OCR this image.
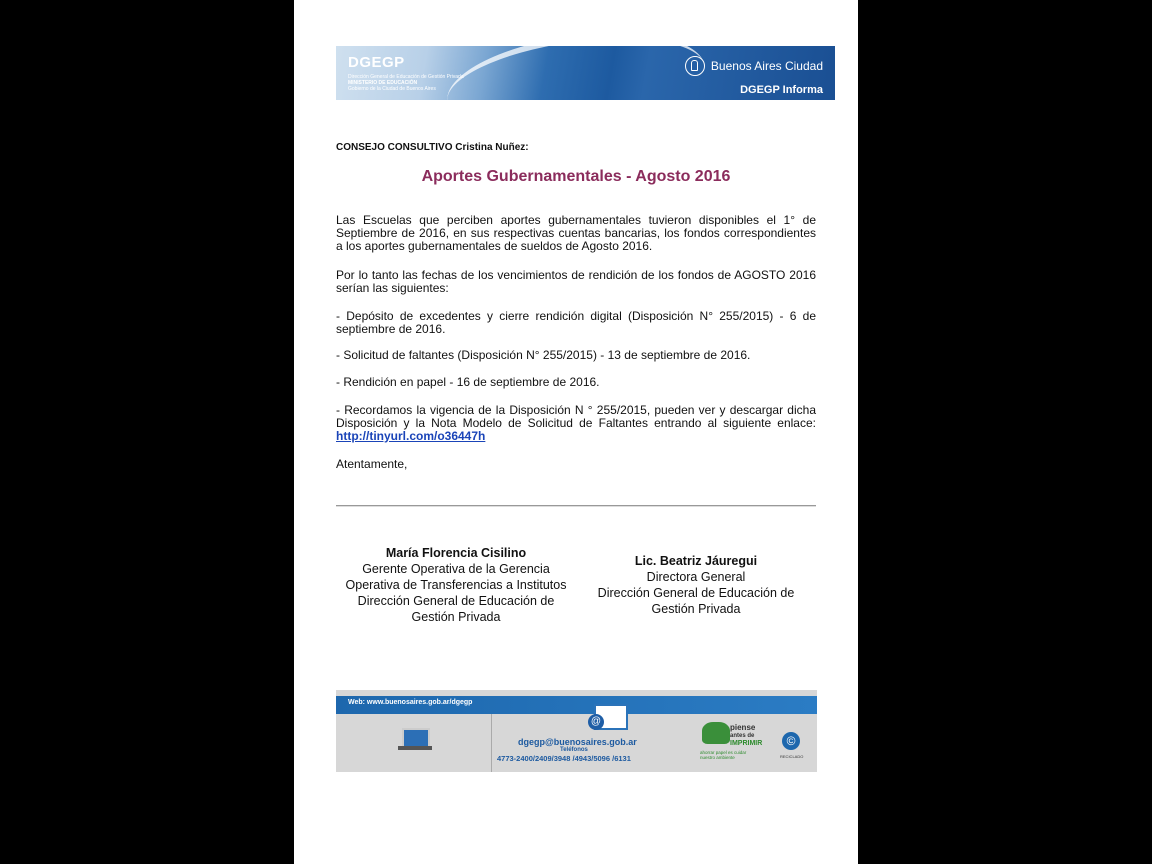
DGEGP
Dirección General de Educación de Gestión Privada
MINISTERIO DE EDUCACIÓN
Gobierno de la Ciudad de Buenos Aires
Buenos Aires Ciudad
DGEGP Informa
CONSEJO CONSULTIVO Cristina Nuñez:
Aportes Gubernamentales - Agosto 2016
Las Escuelas que perciben aportes gubernamentales tuvieron disponibles el 1° de Septiembre de 2016, en sus respectivas cuentas bancarias, los fondos correspondientes a los aportes gubernamentales de sueldos de Agosto 2016.
Por lo tanto las fechas de los vencimientos de rendición de los fondos de AGOSTO 2016 serían las siguientes:
- Depósito de excedentes y cierre rendición digital (Disposición N° 255/2015) - 6 de septiembre de 2016.
- Solicitud de faltantes (Disposición N° 255/2015) - 13 de septiembre de 2016.
- Rendición en papel - 16 de septiembre de 2016.
- Recordamos la vigencia de la Disposición N ° 255/2015, pueden ver y descargar dicha Disposición y la Nota Modelo de Solicitud de Faltantes entrando al siguiente enlace: http://tinyurl.com/o36447h
Atentamente,
María Florencia Cisilino
Gerente Operativa de la Gerencia
Operativa de Transferencias a Institutos
Dirección General de Educación de
Gestión Privada
Lic. Beatriz Jáuregui
Directora General
Dirección General de Educación de
Gestión Privada
Web: www.buenosaires.gob.ar/dgegp
@
dgegp@buenosaires.gob.ar
Teléfonos
4773-2400/2409/3948 /4943/5096 /6131
piense
antes de
IMPRIMIR
ahorrar papel es cuidar
nuestro ambiente
©
RECICLADO
